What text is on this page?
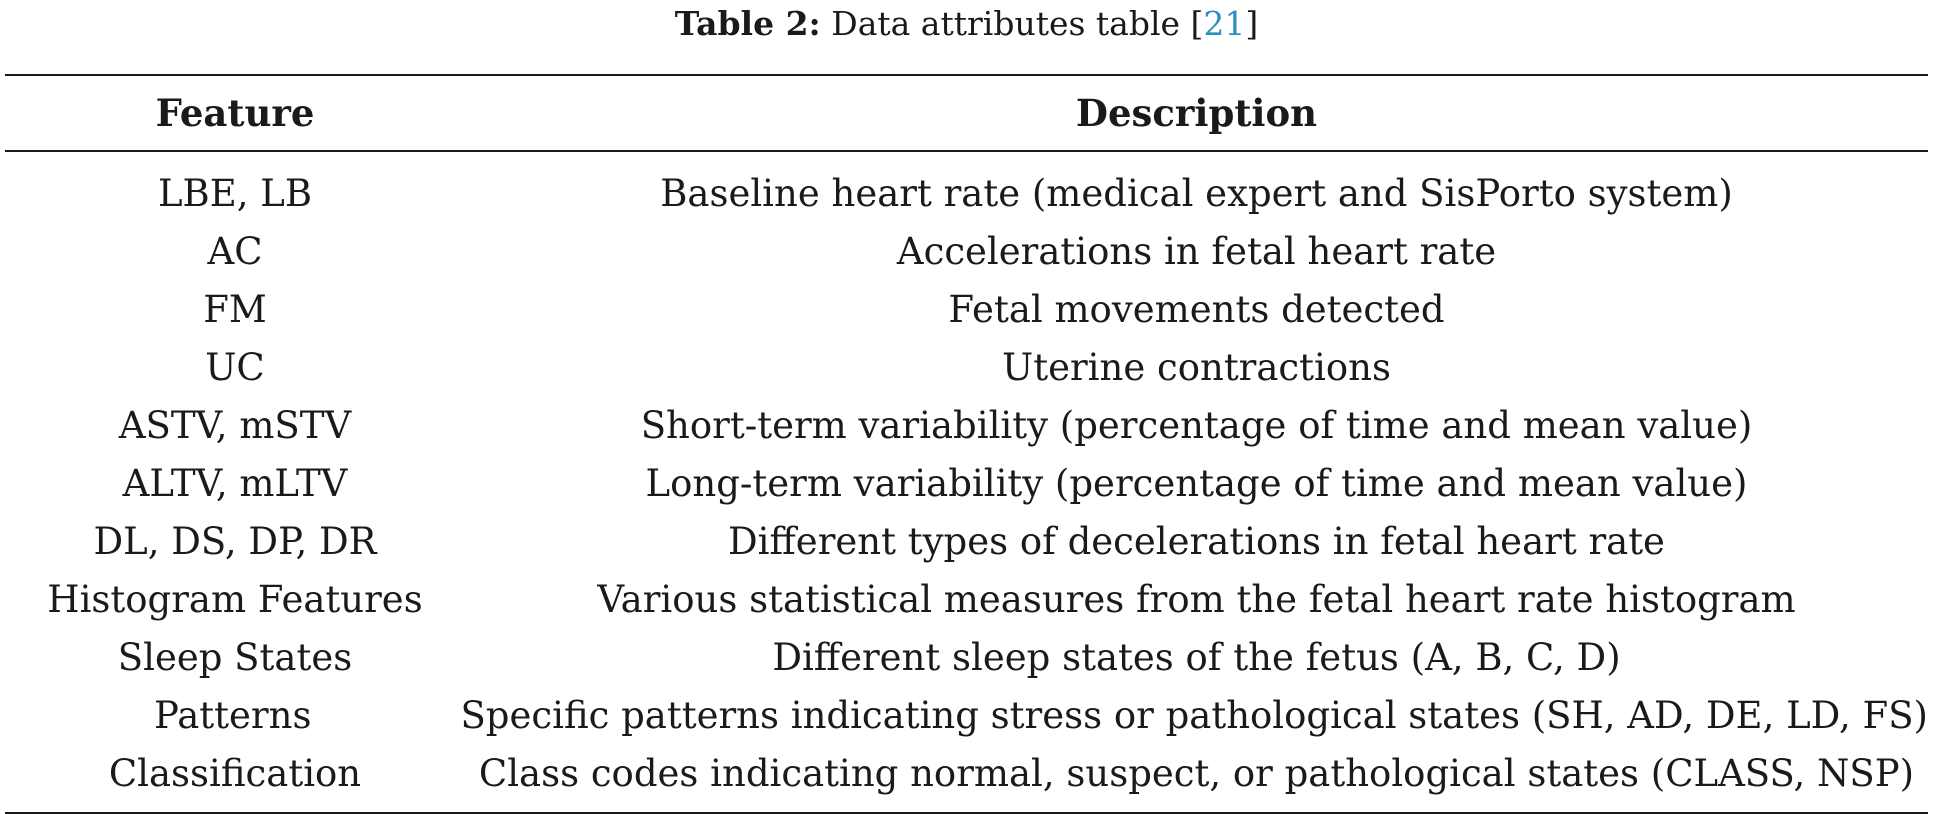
Table 2: Data attributes table [21]
Feature	Description
LBE, LB	Baseline heart rate (medical expert and SisPorto system)
AC	Accelerations in fetal heart rate
FM	Fetal movements detected
UC	Uterine contractions
ASTV, mSTV	Short-term variability (percentage of time and mean value)
ALTV, mLTV	Long-term variability (percentage of time and mean value)
DL, DS, DP, DR	Different types of decelerations in fetal heart rate
Histogram Features	Various statistical measures from the fetal heart rate histogram
Sleep States	Different sleep states of the fetus (A, B, C, D)
Patterns	Specific patterns indicating stress or pathological states (SH, AD, DE, LD, FS)
Classification	Class codes indicating normal, suspect, or pathological states (CLASS, NSP)
